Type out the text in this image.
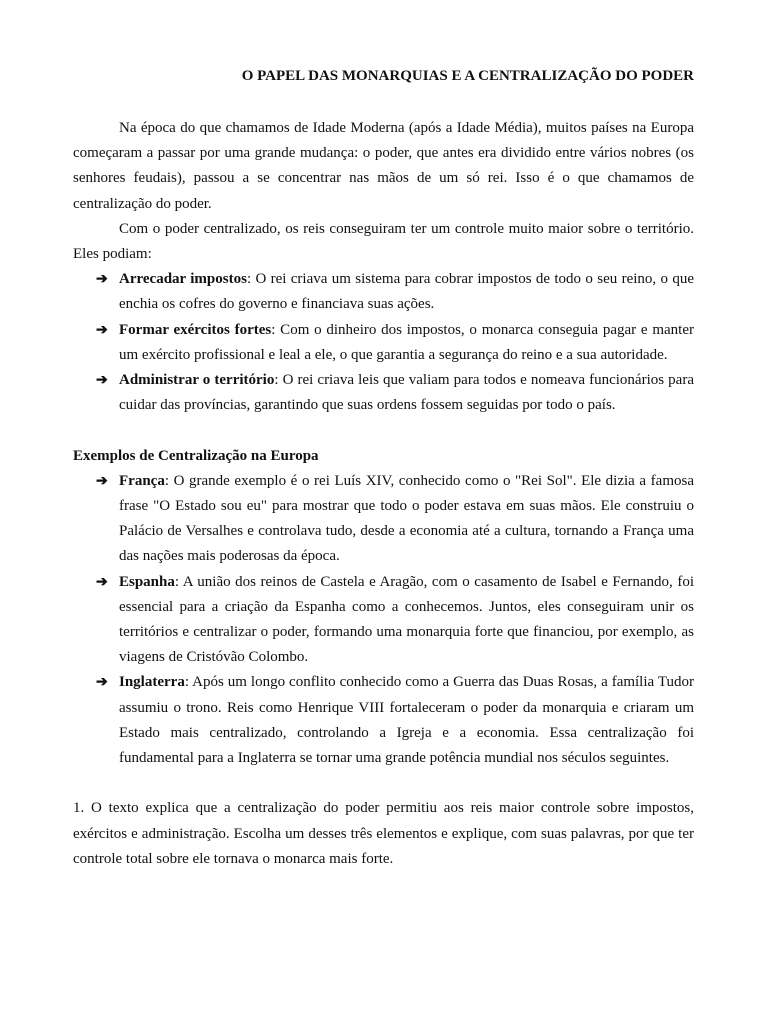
O PAPEL DAS MONARQUIAS E A CENTRALIZAÇÃO DO PODER

Na época do que chamamos de Idade Moderna (após a Idade Média), muitos países na Europa começaram a passar por uma grande mudança: o poder, que antes era dividido entre vários nobres (os senhores feudais), passou a se concentrar nas mãos de um só rei. Isso é o que chamamos de centralização do poder.

Com o poder centralizado, os reis conseguiram ter um controle muito maior sobre o território. Eles podiam:

➔ Arrecadar impostos: O rei criava um sistema para cobrar impostos de todo o seu reino, o que enchia os cofres do governo e financiava suas ações.
➔ Formar exércitos fortes: Com o dinheiro dos impostos, o monarca conseguia pagar e manter um exército profissional e leal a ele, o que garantia a segurança do reino e a sua autoridade.
➔ Administrar o território: O rei criava leis que valiam para todos e nomeava funcionários para cuidar das províncias, garantindo que suas ordens fossem seguidas por todo o país.

Exemplos de Centralização na Europa

➔ França: O grande exemplo é o rei Luís XIV, conhecido como o "Rei Sol". Ele dizia a famosa frase "O Estado sou eu" para mostrar que todo o poder estava em suas mãos. Ele construiu o Palácio de Versalhes e controlava tudo, desde a economia até a cultura, tornando a França uma das nações mais poderosas da época.
➔ Espanha: A união dos reinos de Castela e Aragão, com o casamento de Isabel e Fernando, foi essencial para a criação da Espanha como a conhecemos. Juntos, eles conseguiram unir os territórios e centralizar o poder, formando uma monarquia forte que financiou, por exemplo, as viagens de Cristóvão Colombo.
➔ Inglaterra: Após um longo conflito conhecido como a Guerra das Duas Rosas, a família Tudor assumiu o trono. Reis como Henrique VIII fortaleceram o poder da monarquia e criaram um Estado mais centralizado, controlando a Igreja e a economia. Essa centralização foi fundamental para a Inglaterra se tornar uma grande potência mundial nos séculos seguintes.

1. O texto explica que a centralização do poder permitiu aos reis maior controle sobre impostos, exércitos e administração. Escolha um desses três elementos e explique, com suas palavras, por que ter controle total sobre ele tornava o monarca mais forte.
